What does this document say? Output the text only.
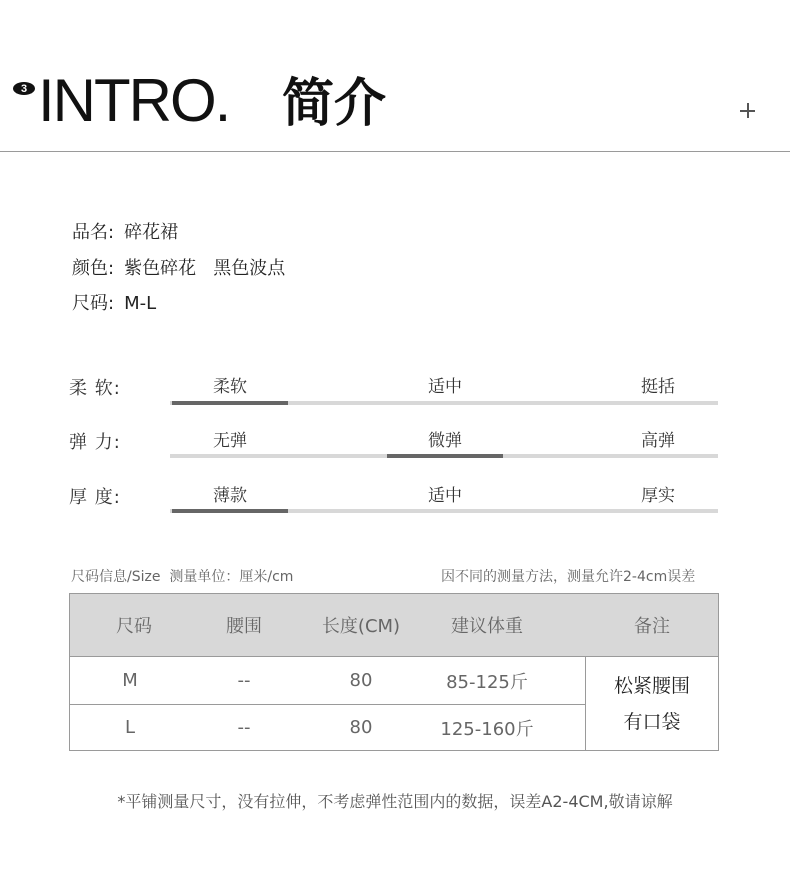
3 INTRO. 简介
品名: 碎花裙
颜色: 紫色碎花   黑色波点
尺码: M-L
柔 软:	柔软	适中	挺括
弹 力:	无弹	微弹	高弹
厚 度:	薄款	适中	厚实
尺码信息/Size  测量单位：厘米/cm	因不同的测量方法，测量允许2-4cm误差
尺码	腰围	长度(CM)	建议体重	备注
M	--	80	85-125斤
L	--	80	125-160斤
松紧腰围
有口袋
*平铺测量尺寸，没有拉伸，不考虑弹性范围内的数据，误差A2-4CM,敬请谅解
